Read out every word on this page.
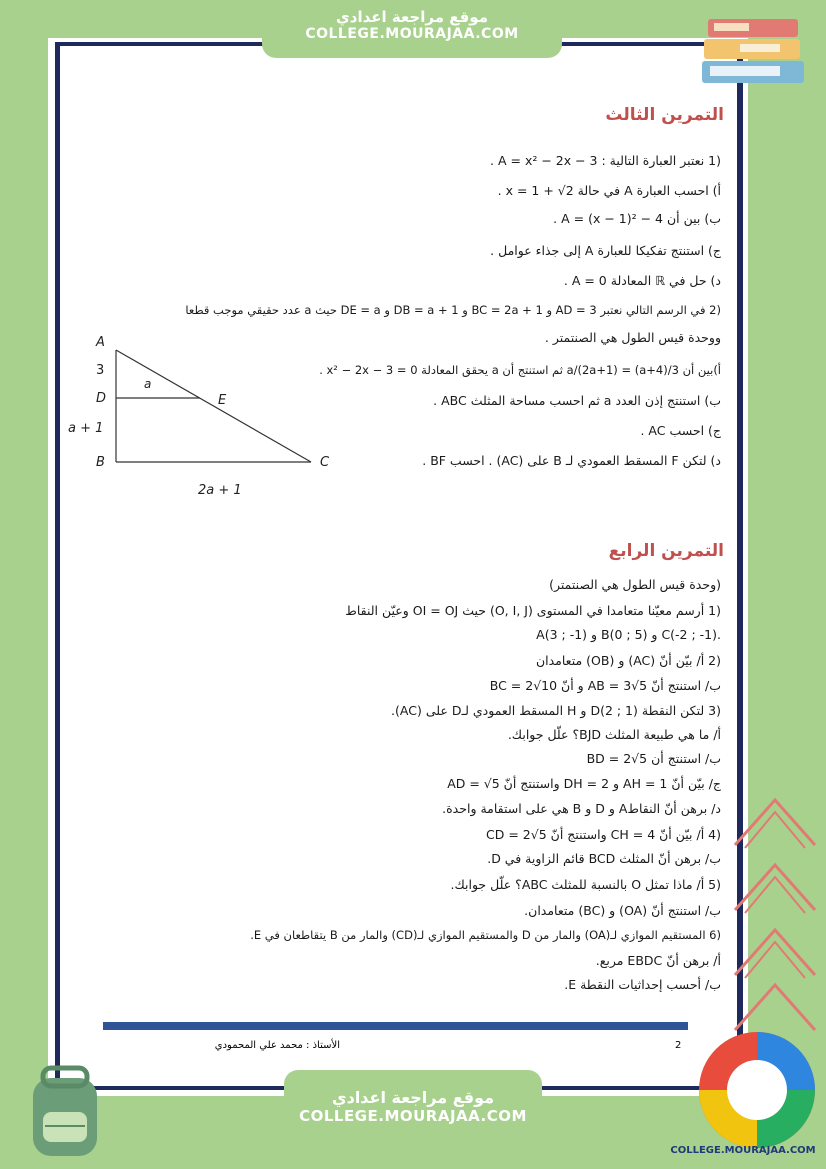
موقع مراجعة اعدادي
COLLEGE.MOURAJAA.COM
التمرين الثالث
(1 نعتبر العبارة التالية : A = x² − 2x − 3 .
أ) احسب العبارة A في حالة x = 1 + √2 .
ب) بين أن A = (x − 1)² − 4 .
ج) استنتج تفكيكا للعبارة A إلى جذاء عوامل .
د) حل في ℝ المعادلة A = 0 .
(2 في الرسم التالي نعتبر AD = 3 و BC = 2a + 1 و DB = a + 1 و DE = a حيث a عدد حقيقي موجب قطعا
ووحدة قيس الطول هي الصنتمتر .
أ)بين أن 3/(a+4) = a/(2a+1) ثم استنتج أن a يحقق المعادلة x² − 2x − 3 = 0 .
ب) استنتج إذن العدد a ثم احسب مساحة المثلث ABC .
ج) احسب AC .
د) لتكن F المسقط العمودي لـ B على (AC) . احسب BF .
التمرين الرابع
(وحدة قيس الطول هي الصنتمتر)
(1 أرسم معيّنا متعامدا في المستوى (O, I, J) حيث OI = OJ وعيّن النقاط
.C(-2 ; -1) و B(0 ; 5) و A(3 ; -1)
(2 أ/ بيّن أنّ (AC) و (OB) متعامدان
ب/ استنتج أنّ AB = 3√5 و أنّ BC = 2√10
(3 لتكن النقطة D(2 ; 1) و H المسقط العمودي لـD على (AC).
أ/ ما هي طبيعة المثلث BJD؟ علّل جوابك.
ب/ استنتج أن BD = 2√5
ج/ بيّن أنّ AH = 1 و DH = 2 واستنتج أنّ AD = √5
د/ برهن أنّ النقاطA و D و B هي على استقامة واحدة.
(4 أ/ بيّن أنّ CH = 4 واستنتج أنّ CD = 2√5
ب/ برهن أنّ المثلث BCD قائم الزاوية في D.
(5 أ/ ماذا تمثل O بالنسبة للمثلث ABC؟ علّل جوابك.
ب/ استنتج أنّ (OA) و (BC) متعامدان.
(6 المستقيم الموازي لـ(OA) والمار من D والمستقيم الموازي لـ(CD) والمار من B يتقاطعان في E.
أ/ برهن أنّ EBDC مربع.
ب/ أحسب إحداثيات النقطة E.
A
D
B	C
E
3
a + 1
2a + 1
a
2
الأستاذ : محمد علي المحمودي
موقع مراجعة اعدادي
COLLEGE.MOURAJAA.COM
COLLEGE.MOURAJAA.COM
